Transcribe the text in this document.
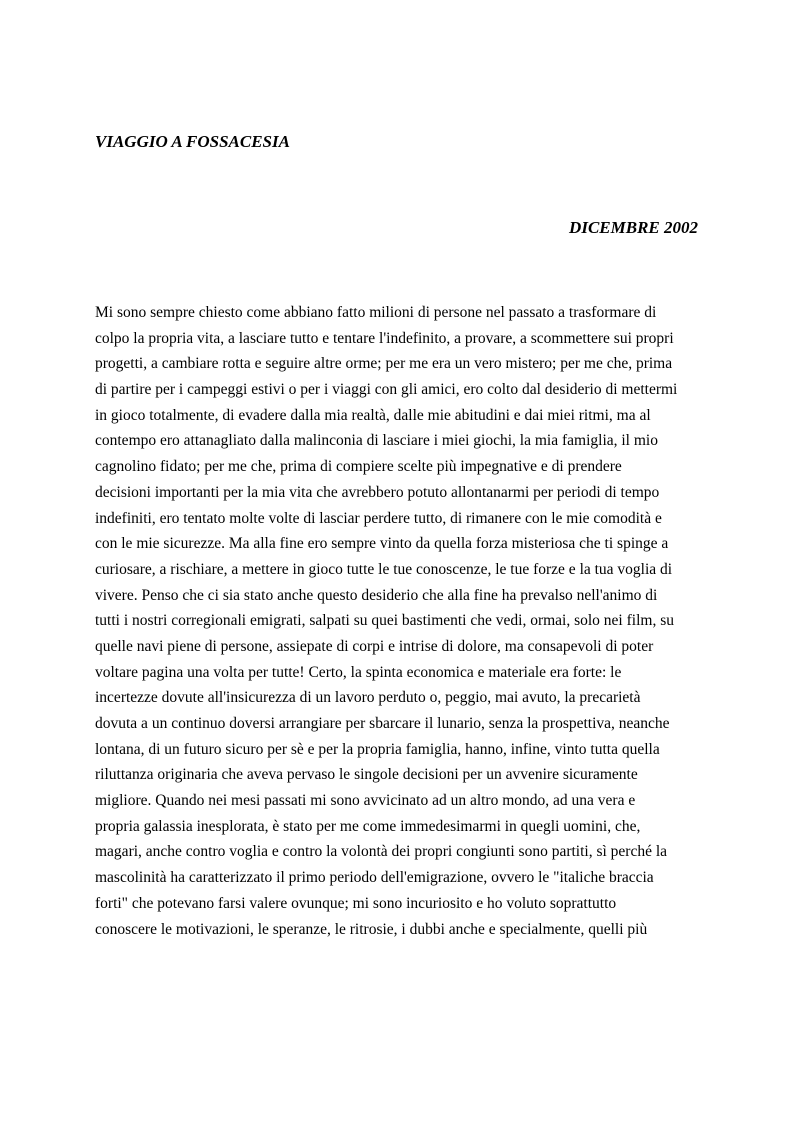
VIAGGIO A FOSSACESIA
DICEMBRE 2002
Mi sono sempre chiesto come abbiano fatto milioni di persone nel passato a trasformare di
colpo la propria vita, a lasciare tutto e tentare l'indefinito, a provare, a scommettere sui propri
progetti, a cambiare rotta e seguire altre orme; per me era un vero mistero; per me che, prima
di partire per i campeggi estivi o per i viaggi con gli amici, ero colto dal desiderio di mettermi
in gioco totalmente, di evadere dalla mia realtà, dalle mie abitudini e dai miei ritmi, ma al
contempo ero attanagliato dalla malinconia di lasciare i miei giochi, la mia famiglia, il mio
cagnolino fidato; per me che, prima di compiere scelte più impegnative e di prendere
decisioni importanti per la mia vita che avrebbero potuto allontanarmi per periodi di tempo
indefiniti, ero tentato molte volte di lasciar perdere tutto, di rimanere con le mie comodità e
con le mie sicurezze. Ma alla fine ero sempre vinto da quella forza misteriosa che ti spinge a
curiosare, a rischiare, a mettere in gioco tutte le tue conoscenze, le tue forze e la tua voglia di
vivere. Penso che ci sia stato anche questo desiderio che alla fine ha prevalso nell'animo di
tutti i nostri corregionali emigrati, salpati su quei bastimenti che vedi, ormai, solo nei film, su
quelle navi piene di persone, assiepate di corpi e intrise di dolore, ma consapevoli di poter
voltare pagina una volta per tutte! Certo, la spinta economica e materiale era forte: le
incertezze dovute all'insicurezza di un lavoro perduto o, peggio, mai avuto, la precarietà
dovuta a un continuo doversi arrangiare per sbarcare il lunario, senza la prospettiva, neanche
lontana, di un futuro sicuro per sè e per la propria famiglia, hanno, infine, vinto tutta quella
riluttanza originaria che aveva pervaso le singole decisioni per un avvenire sicuramente
migliore. Quando nei mesi passati mi sono avvicinato ad un altro mondo, ad una vera e
propria galassia inesplorata, è stato per me come immedesimarmi in quegli uomini, che,
magari, anche contro voglia e contro la volontà dei propri congiunti sono partiti, sì perché la
mascolinità ha caratterizzato il primo periodo dell'emigrazione, ovvero le "italiche braccia
forti" che potevano farsi valere ovunque; mi sono incuriosito e ho voluto soprattutto
conoscere le motivazioni, le speranze, le ritrosie, i dubbi anche e specialmente, quelli più
